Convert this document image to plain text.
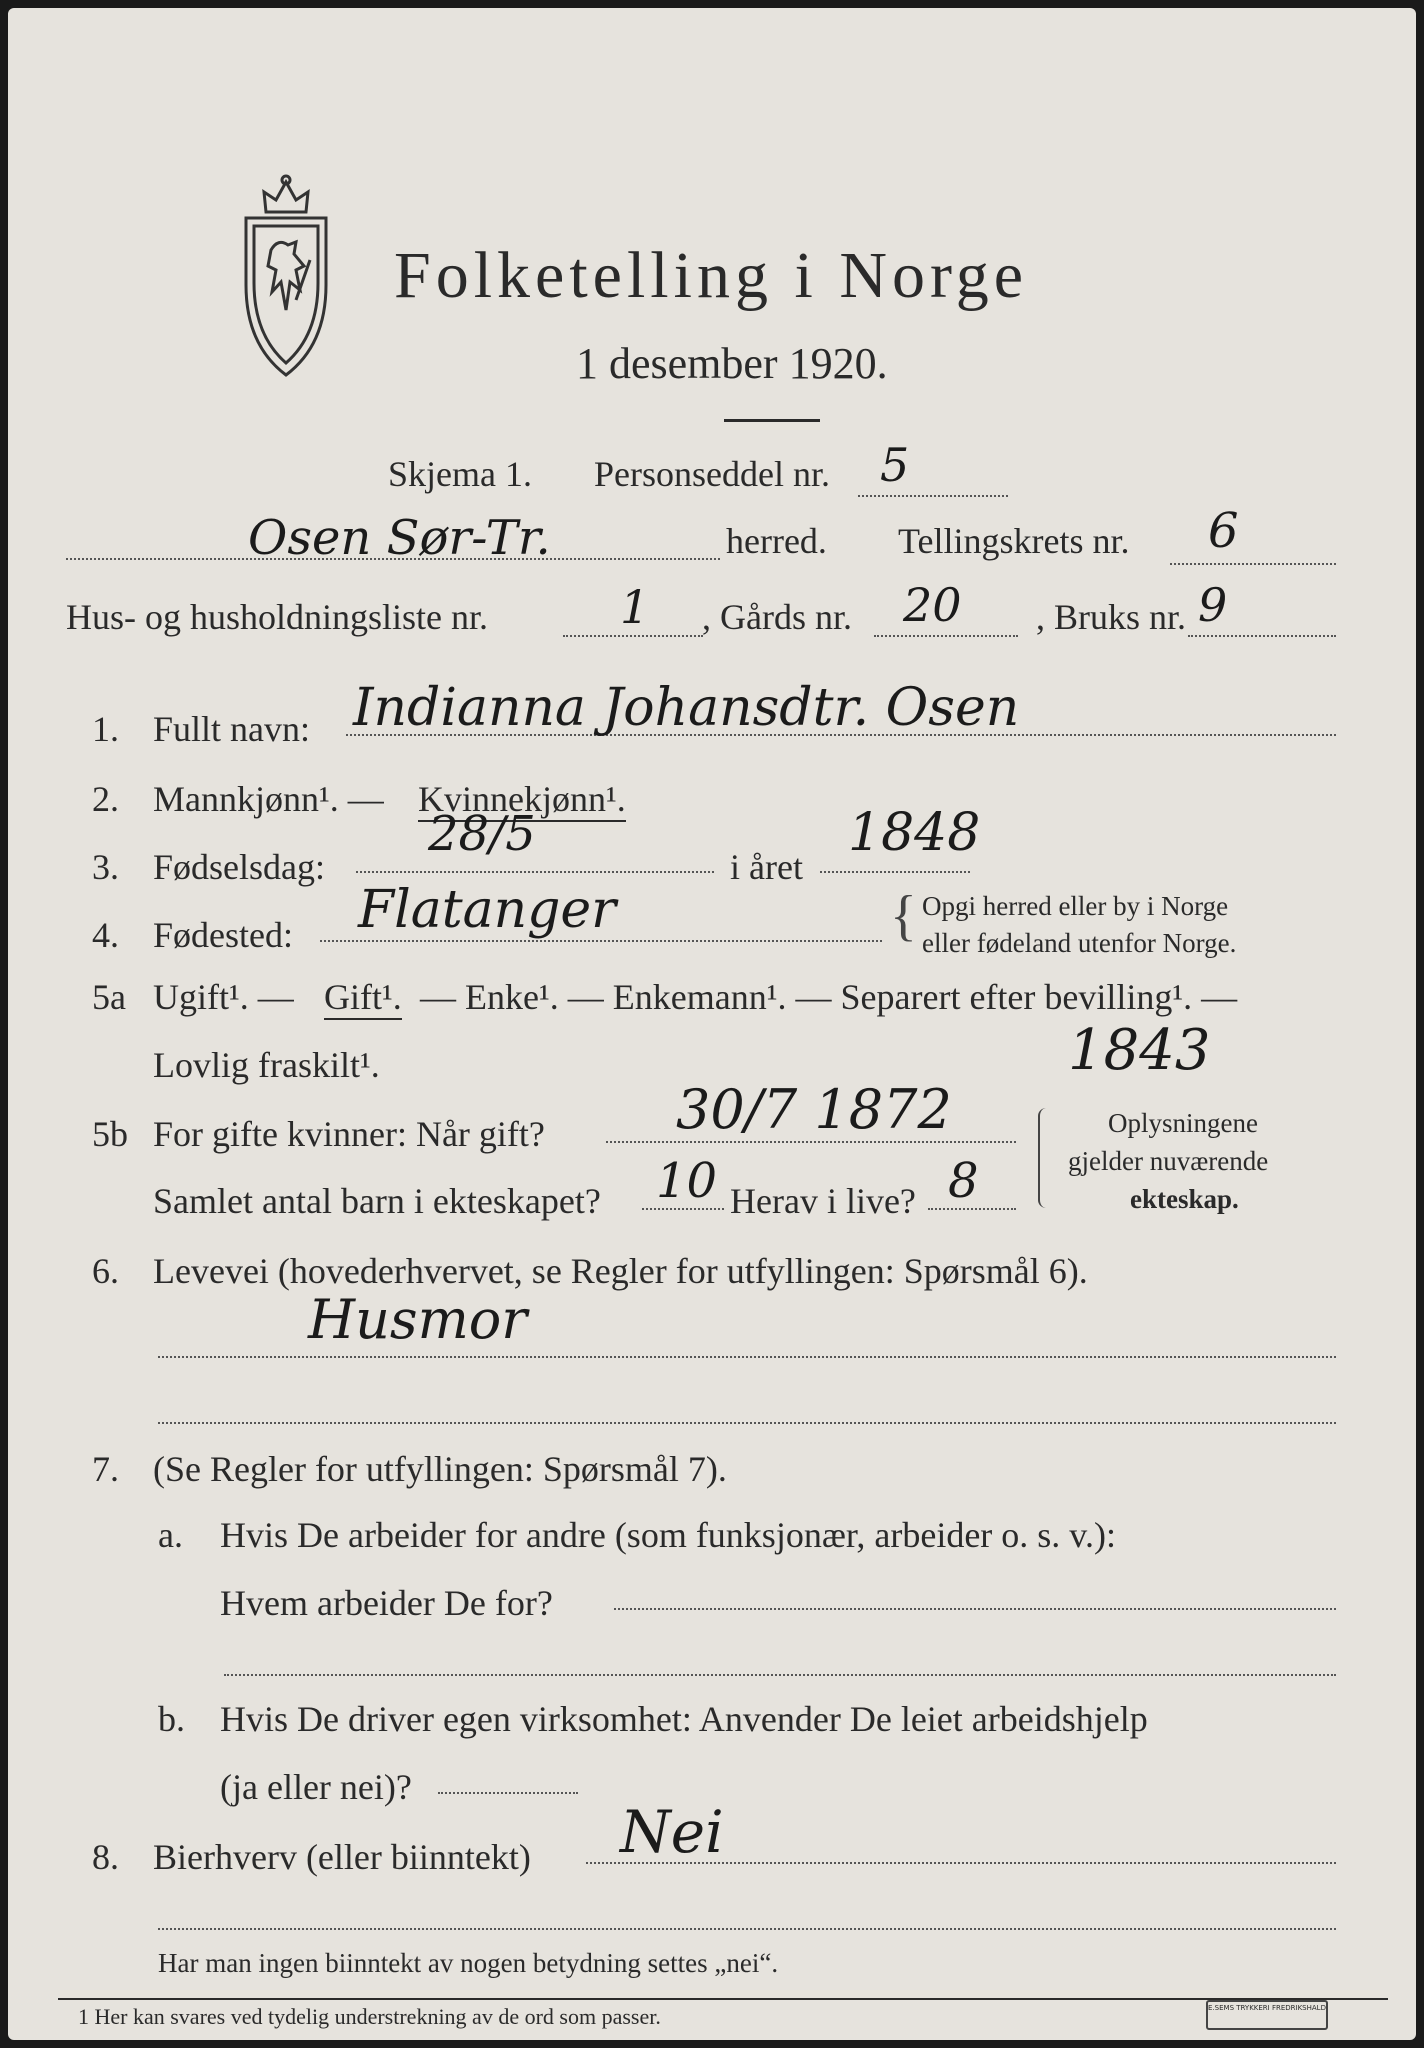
Folketelling i Norge
1 desember 1920.
Skjema 1. Personseddel nr. 5
Osen Sør-Tr.	herred. Tellingskrets nr. 6
Hus- og husholdningsliste nr.	1 , Gårds nr. 20 , Bruks nr. 9
1. Fullt navn: Indianna Johansdtr. Osen
2. Mannkjønn¹. — Kvinnekjønn¹.
3. Fødselsdag:
28/5
i året
1848
4. Fødested: Flatanger	{ Opgi herred eller by i Norge
eller fødeland utenfor Norge.
5a Ugift¹. — Gift¹. — Enke¹. — Enkemann¹. — Separert efter bevilling¹. —
Lovlig fraskilt¹.	1843
5b For gifte kvinner: Når gift? 30/7 1872
Samlet antal barn i ekteskapet? 10 Herav i live? 8
Oplysningene
gjelder nuværende
ekteskap.
6. Levevei (hovederhvervet, se Regler for utfyllingen: Spørsmål 6).
Husmor
7. (Se Regler for utfyllingen: Spørsmål 7).
a. Hvis De arbeider for andre (som funksjonær, arbeider o. s. v.):
Hvem arbeider De for?
b. Hvis De driver egen virksomhet: Anvender De leiet arbeidshjelp
(ja eller nei)?
8. Bierhverv (eller biinntekt) Nei
Har man ingen biinntekt av nogen betydning settes „nei“.
1 Her kan svares ved tydelig understrekning av de ord som passer.	E.SEMS TRYKKERI FREDRIKSHALD
